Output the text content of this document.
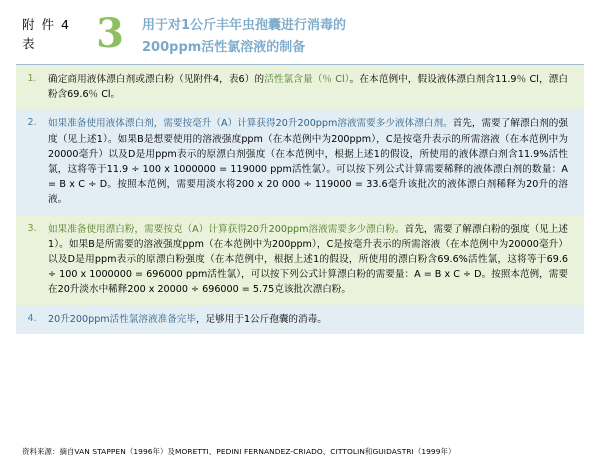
附 件 4
表	3	用于对1公斤丰年虫孢囊进行消毒的
200ppm活性氯溶液的制备
1.	确定商用液体漂白剂或漂白粉（见附件4，表6）的活性氯含量（％ Cl）。在本范例中，假设液体漂白剂含11.9％ Cl，漂白粉含69.6％ Cl。
2.	如果准备使用液体漂白剂，需要按毫升（A）计算获得20升200ppm溶液需要多少液体漂白剂。首先，需要了解漂白剂的强度（见上述1）。如果B是想要使用的溶液强度ppm（在本范例中为200ppm），C是按毫升表示的所需溶液（在本范例中为20000毫升）以及D是用ppm表示的原漂白剂强度（在本范例中，根据上述1的假设，所使用的液体漂白剂含11.9%活性氯，这将等于11.9 ÷ 100 x 1000000 = 119000 ppm活性氯）。可以按下列公式计算需要稀释的液体漂白剂的数量：A = B x C ÷ D。按照本范例，需要用淡水将200 x 20 000 ÷ 119000 = 33.6毫升该批次的液体漂白剂稀释为20升的溶液。
3.	如果准备使用漂白粉，需要按克（A）计算获得20升200ppm溶液需要多少漂白粉。首先，需要了解漂白粉的强度（见上述1）。如果B是所需要的溶液强度ppm（在本范例中为200ppm），C是按毫升表示的所需溶液（在本范例中为20000毫升）以及D是用ppm表示的原漂白粉强度（在本范例中，根据上述1的假设，所使用的漂白粉含69.6%活性氯，这将等于69.6 ÷ 100 x 1000000 = 696000 ppm活性氯），可以按下列公式计算漂白粉的需要量：A = B x C ÷ D。按照本范例，需要在20升淡水中稀释200 x 20000 ÷ 696000 = 5.75克该批次漂白粉。
4.	20升200ppm活性氯溶液准备完毕，足够用于1公斤孢囊的消毒。
资料来源：摘自VAN STAPPEN（1996年）及MORETTI、PEDINI FERNANDEZ-CRIADO、CITTOLIN和GUIDASTRI（1999年）
